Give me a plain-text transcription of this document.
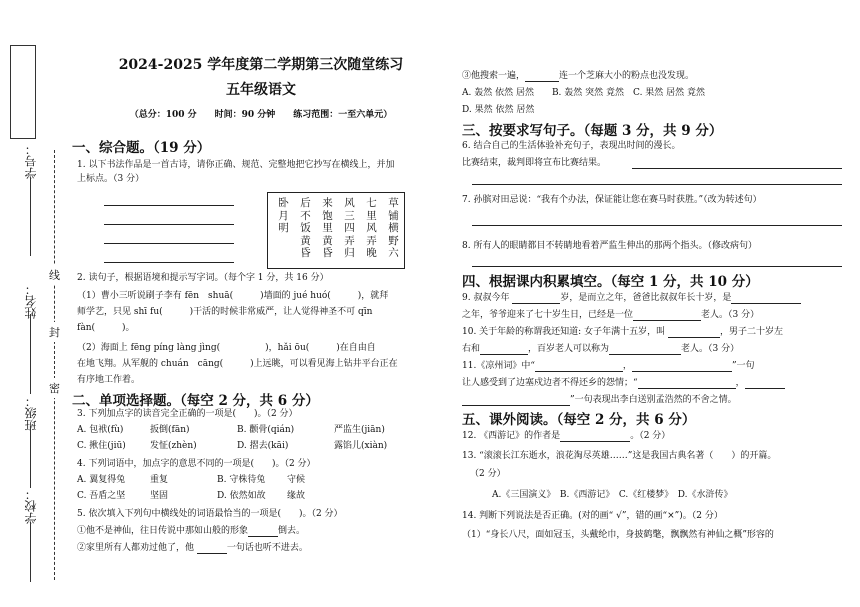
学号：
姓名：
班级：
学校：
线
封
密
2024-2025 学年度第二学期第三次随堂练习
五年级语文
（总分：100 分　　时间：90 分钟　　练习范围：一至六单元）
一、综合题。（19 分）
1. 以下书法作品是一首古诗，请你正确、规范、完整地把它抄写在横线上，并加
上标点。（3 分）
草铺横野六
七里风弄晚
风三四弄归
来饱里黄昏
后不饭黄昏
卧月明
2. 读句子，根据语境和提示写字词。（每个字 1 分，共 16 分）
（1）曹小三听说刷子李有 fēn　shuā(　　　)墙面的 jué huó(　　　)，就拜
师学艺，只见 shī fu(　　　)干活的时候非常威严，让人觉得神圣不可 qīn
fàn(　　　)。
（2）海面上 fēng píng làng jìng(　　　　　)，hǎi ōu(　　　)在自由自
在地飞翔。从军舰的 chuán　cāng(　　　)上远眺，可以看见海上钻井平台正在
有序地工作着。
二、单项选择题。（每空 2 分，共 6 分）
3. 下列加点字的读音完全正确的一项是(　　)。（2 分）
A. 包袱(fù)	扳倒(fān)	B. 颧骨(qián)	严监生(jiān)
C. 揪住(jiū)	发怔(zhèn)	D. 摺去(kāi)	露馅儿(xiàn)
4. 下列词语中，加点字的意思不同的一项是(　　)。（2 分）
A. 翼复得兔	重复	B. 守株待兔 守候
C. 吾盾之坚	坚固	D. 依然如故 缘故
5. 依次填入下列句中横线处的词语最恰当的一项是(　　)。（2 分）
①他不是神仙，往日传说中那如山般的形象	倒去。
②家里所有人都劝过他了，他	一句话也听不进去。
③他搜索一遍，	连一个芝麻大小的粉点也没发现。
A. 轰然 依然 居然　　B. 轰然 突然 竟然　C. 果然 居然 竟然
D. 果然 依然 居然
三、按要求写句子。（每题 3 分，共 9 分）
6. 结合自己的生活体验补充句子，表现出时间的漫长。
比赛结束，裁判即将宣布比赛结果。
7. 孙膑对田忌说：“我有个办法，保证能让您在赛马时获胜。”（改为转述句）
8. 所有人的眼睛都目不转睛地看着严监生伸出的那两个指头。（修改病句）
四、根据课内积累填空。（每空 1 分，共 10 分）
9. 叔叔今年	岁，是而立之年，爸爸比叔叔年长十岁，是
之年，爷爷迎来了七十岁生日，已经是一位	老人。（3 分）
10. 关于年龄的称谓我还知道: 女子年满十五岁，叫	，男子二十岁左
右和	，百岁老人可以称为	老人。（3 分）
11.《凉州词》中“	，	”一句
让人感受到了边塞戍边者不得还乡的怨情；“	，
”一句表现出李白送别孟浩然的不舍之情。
五、课外阅读。（每空 2 分，共 6 分）
12. 《西游记》的作者是	。（2 分）
13. “滚滚长江东逝水，浪花淘尽英雄……”这是我国古典名著（　　）的开篇。
（2 分）
A.《三国演义》　B.《西游记》　C.《红楼梦》　D.《水浒传》
14. 判断下列说法是否正确。(对的画“ √”，错的画“×”)。（2 分）
（1）“身长八尺，面如冠玉，头戴纶巾，身披鹤氅，飘飘然有神仙之概”形容的
